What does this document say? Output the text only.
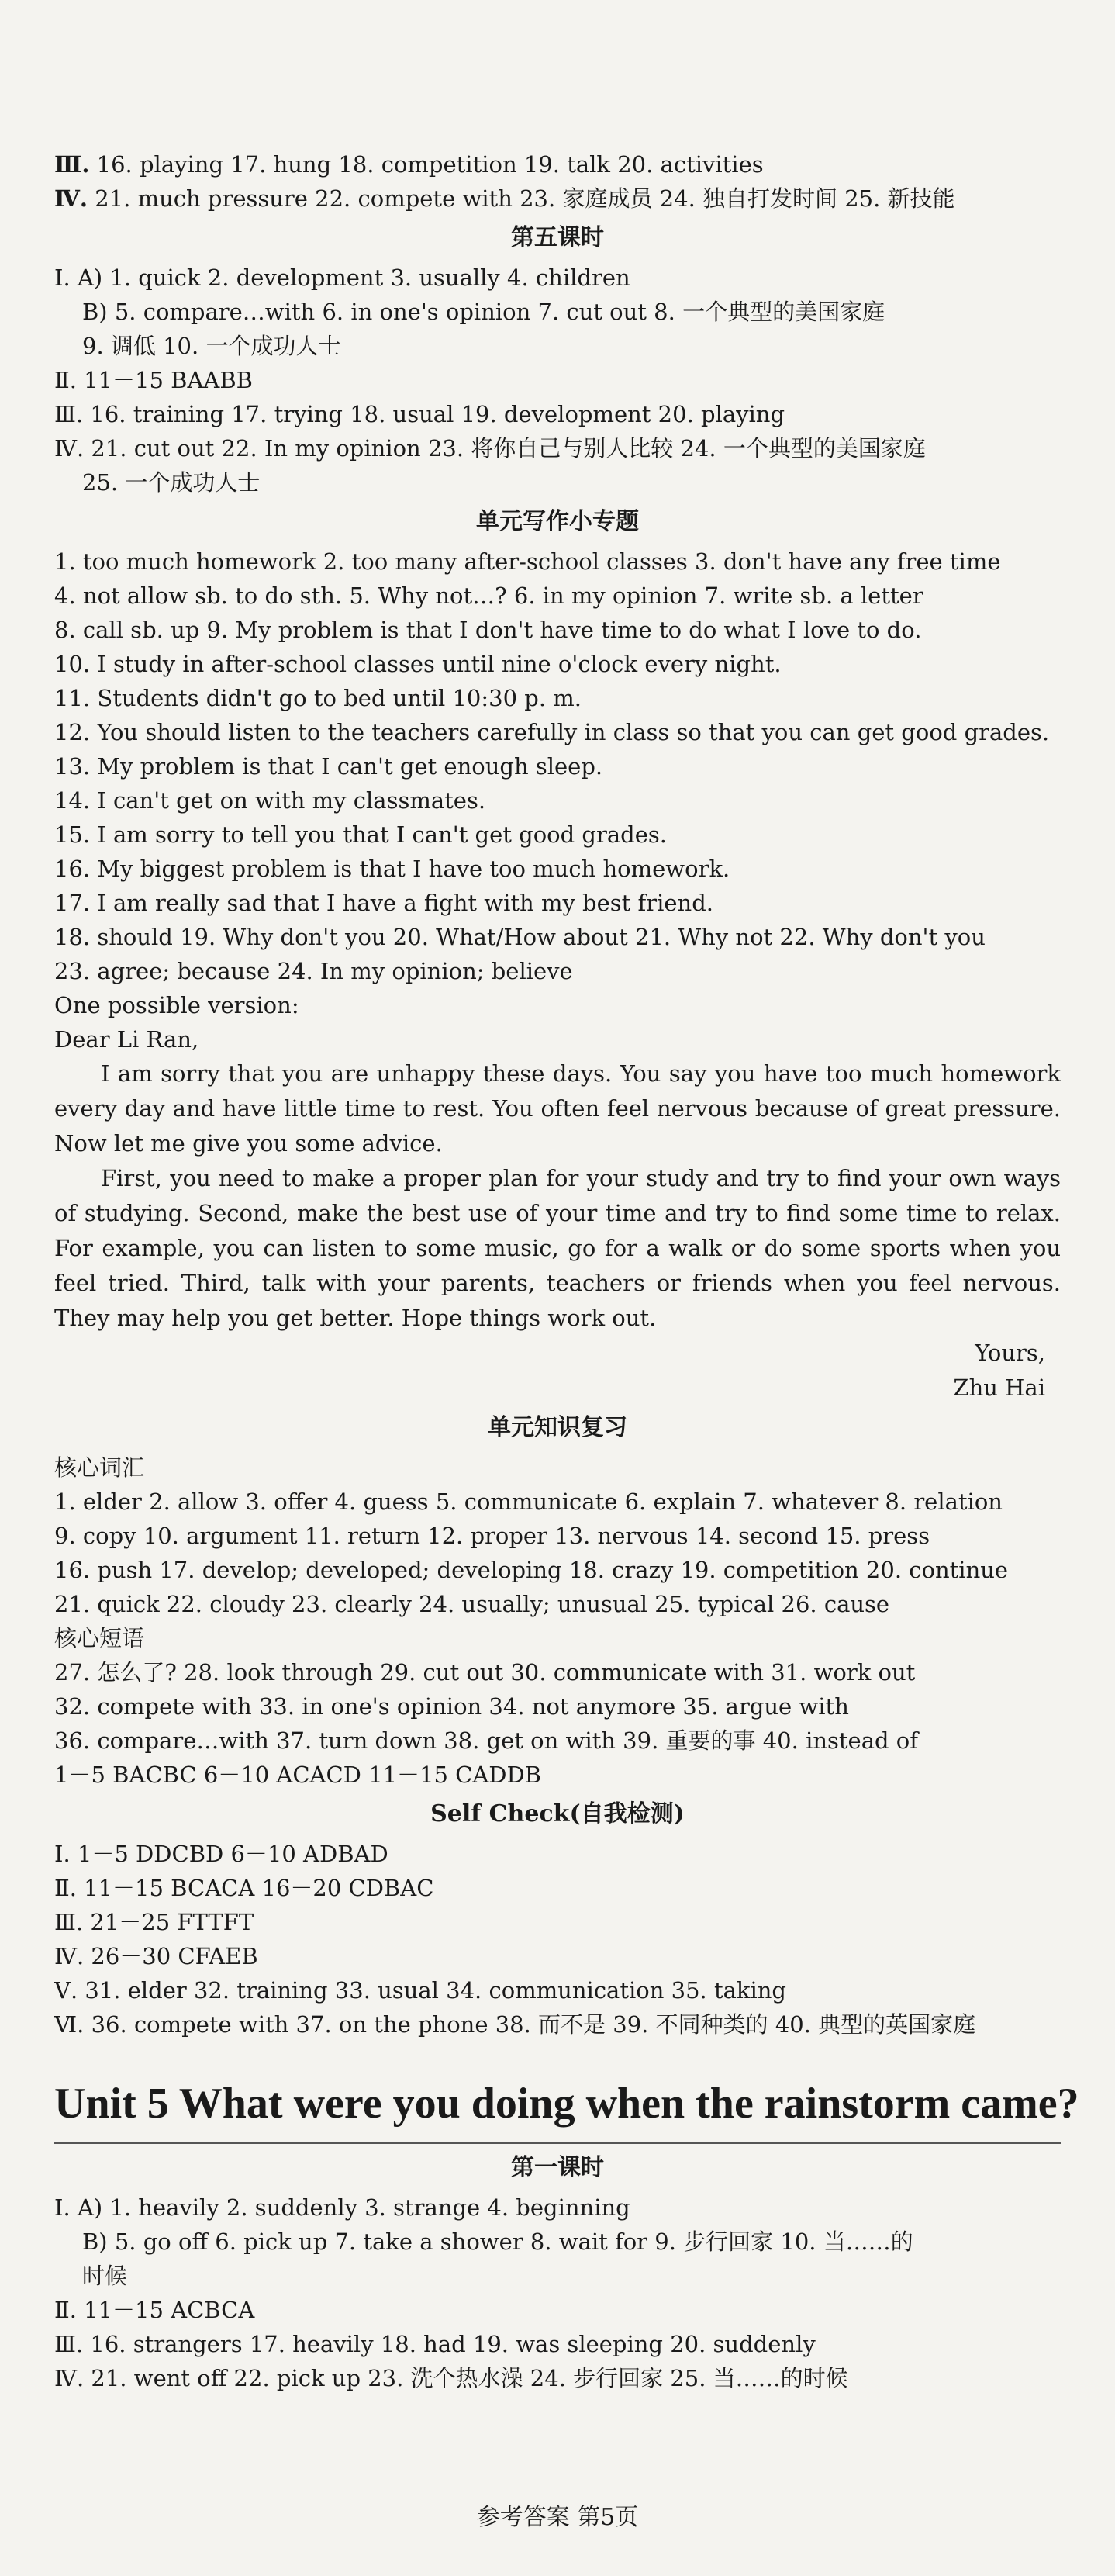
Ⅲ. 16. playing 17. hung 18. competition 19. talk 20. activities

Ⅳ. 21. much pressure 22. compete with 23. 家庭成员 24. 独自打发时间 25. 新技能

第五课时

Ⅰ. A) 1. quick 2. development 3. usually 4. children

B) 5. compare…with 6. in one's opinion 7. cut out 8. 一个典型的美国家庭

9. 调低 10. 一个成功人士

Ⅱ. 11－15 BAABB

Ⅲ. 16. training 17. trying 18. usual 19. development 20. playing

Ⅳ. 21. cut out 22. In my opinion 23. 将你自己与别人比较 24. 一个典型的美国家庭

25. 一个成功人士

单元写作小专题

1. too much homework 2. too many after-school classes 3. don't have any free time

4. not allow sb. to do sth. 5. Why not…? 6. in my opinion 7. write sb. a letter

8. call sb. up 9. My problem is that I don't have time to do what I love to do.

10. I study in after-school classes until nine o'clock every night.

11. Students didn't go to bed until 10:30 p. m.

12. You should listen to the teachers carefully in class so that you can get good grades.

13. My problem is that I can't get enough sleep.

14. I can't get on with my classmates.

15. I am sorry to tell you that I can't get good grades.

16. My biggest problem is that I have too much homework.

17. I am really sad that I have a fight with my best friend.

18. should 19. Why don't you 20. What/How about 21. Why not 22. Why don't you

23. agree; because 24. In my opinion; believe

One possible version:

Dear Li Ran,

I am sorry that you are unhappy these days. You say you have too much homework every day and have little time to rest. You often feel nervous because of great pressure. Now let me give you some advice.

First, you need to make a proper plan for your study and try to find your own ways of studying. Second, make the best use of your time and try to find some time to relax. For example, you can listen to some music, go for a walk or do some sports when you feel tried. Third, talk with your parents, teachers or friends when you feel nervous. They may help you get better. Hope things work out.

Yours,

Zhu Hai

单元知识复习

核心词汇

1. elder 2. allow 3. offer 4. guess 5. communicate 6. explain 7. whatever 8. relation

9. copy 10. argument 11. return 12. proper 13. nervous 14. second 15. press

16. push 17. develop; developed; developing 18. crazy 19. competition 20. continue

21. quick 22. cloudy 23. clearly 24. usually; unusual 25. typical 26. cause

核心短语

27. 怎么了? 28. look through 29. cut out 30. communicate with 31. work out

32. compete with 33. in one's opinion 34. not anymore 35. argue with

36. compare…with 37. turn down 38. get on with 39. 重要的事 40. instead of

1－5 BACBC 6－10 ACACD 11－15 CADDB

Self Check(自我检测)

Ⅰ. 1－5 DDCBD 6－10 ADBAD

Ⅱ. 11－15 BCACA 16－20 CDBAC

Ⅲ. 21－25 FTTFT

Ⅳ. 26－30 CFAEB

Ⅴ. 31. elder 32. training 33. usual 34. communication 35. taking

Ⅵ. 36. compete with 37. on the phone 38. 而不是 39. 不同种类的 40. 典型的英国家庭

Unit 5 What were you doing when the rainstorm came?
第一课时

Ⅰ. A) 1. heavily 2. suddenly 3. strange 4. beginning

B) 5. go off 6. pick up 7. take a shower 8. wait for 9. 步行回家 10. 当……的

时候

Ⅱ. 11－15 ACBCA

Ⅲ. 16. strangers 17. heavily 18. had 19. was sleeping 20. suddenly

Ⅳ. 21. went off 22. pick up 23. 洗个热水澡 24. 步行回家 25. 当……的时候

参考答案 第5页
